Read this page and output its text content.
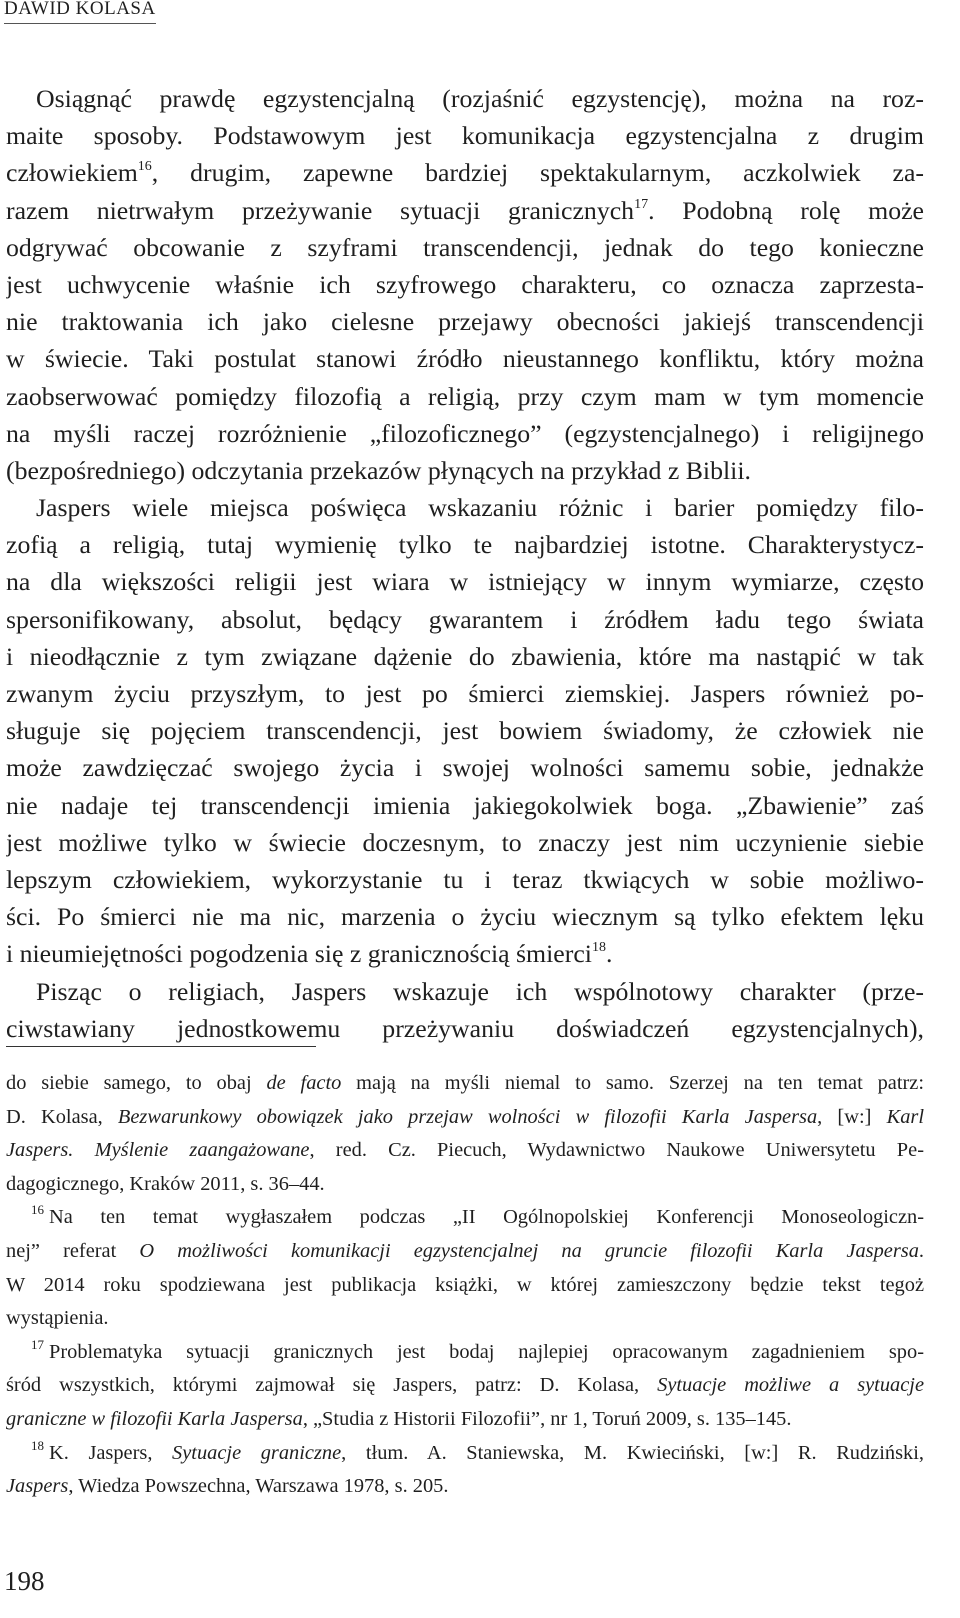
DAWID KOLASA
Osiągnąć prawdę egzystencjalną (rozjaśnić egzystencję), można na roz-
maite sposoby. Podstawowym jest komunikacja egzystencjalna z drugim
człowiekiem$^{16}$, drugim, zapewne bardziej spektakularnym, aczkolwiek za-
razem nietrwałym przeżywanie sytuacji granicznych$^{17}$. Podobną rolę może
odgrywać obcowanie z szyframi transcendencji, jednak do tego konieczne
jest uchwycenie właśnie ich szyfrowego charakteru, co oznacza zaprzesta-
nie traktowania ich jako cielesne przejawy obecności jakiejś transcendencji
w świecie. Taki postulat stanowi źródło nieustannego konfliktu, który można
zaobserwować pomiędzy filozofią a religią, przy czym mam w tym momencie
na myśli raczej rozróżnienie „filozoficznego” (egzystencjalnego) i religijnego
(bezpośredniego) odczytania przekazów płynących na przykład z Biblii.
Jaspers wiele miejsca poświęca wskazaniu różnic i barier pomiędzy filo-
zofią a religią, tutaj wymienię tylko te najbardziej istotne. Charakterystycz-
na dla większości religii jest wiara w istniejący w innym wymiarze, często
spersonifikowany, absolut, będący gwarantem i źródłem ładu tego świata
i nieodłącznie z tym związane dążenie do zbawienia, które ma nastąpić w tak
zwanym życiu przyszłym, to jest po śmierci ziemskiej. Jaspers również po-
sługuje się pojęciem transcendencji, jest bowiem świadomy, że człowiek nie
może zawdzięczać swojego życia i swojej wolności samemu sobie, jednakże
nie nadaje tej transcendencji imienia jakiegokolwiek boga. „Zbawienie” zaś
jest możliwe tylko w świecie doczesnym, to znaczy jest nim uczynienie siebie
lepszym człowiekiem, wykorzystanie tu i teraz tkwiących w sobie możliwo-
ści. Po śmierci nie ma nic, marzenia o życiu wiecznym są tylko efektem lęku
i nieumiejętności pogodzenia się z granicznością śmierci$^{18}$.
Pisząc o religiach, Jaspers wskazuje ich wspólnotowy charakter (prze-
ciwstawiany jednostkowemu przeżywaniu doświadczeń egzystencjalnych),
do siebie samego, to obaj de facto mają na myśli niemal to samo. Szerzej na ten temat patrz:
D. Kolasa, Bezwarunkowy obowiązek jako przejaw wolności w filozofii Karla Jaspersa, [w:] Karl
Jaspers. Myślenie zaangażowane, red. Cz. Piecuch, Wydawnictwo Naukowe Uniwersytetu Pe-
dagogicznego, Kraków 2011, s. 36–44.
$^{16}$ Na ten temat wygłaszałem podczas „II Ogólnopolskiej Konferencji Monoseologiczn-
nej” referat O możliwości komunikacji egzystencjalnej na gruncie filozofii Karla Jaspersa.
W 2014 roku spodziewana jest publikacja książki, w której zamieszczony będzie tekst tegoż
wystąpienia.
$^{17}$ Problematyka sytuacji granicznych jest bodaj najlepiej opracowanym zagadnieniem spo-
śród wszystkich, którymi zajmował się Jaspers, patrz: D. Kolasa, Sytuacje możliwe a sytuacje
graniczne w filozofii Karla Jaspersa, „Studia z Historii Filozofii”, nr 1, Toruń 2009, s. 135–145.
$^{18}$ K. Jaspers, Sytuacje graniczne, tłum. A. Staniewska, M. Kwieciński, [w:] R. Rudziński,
Jaspers, Wiedza Powszechna, Warszawa 1978, s. 205.
198
